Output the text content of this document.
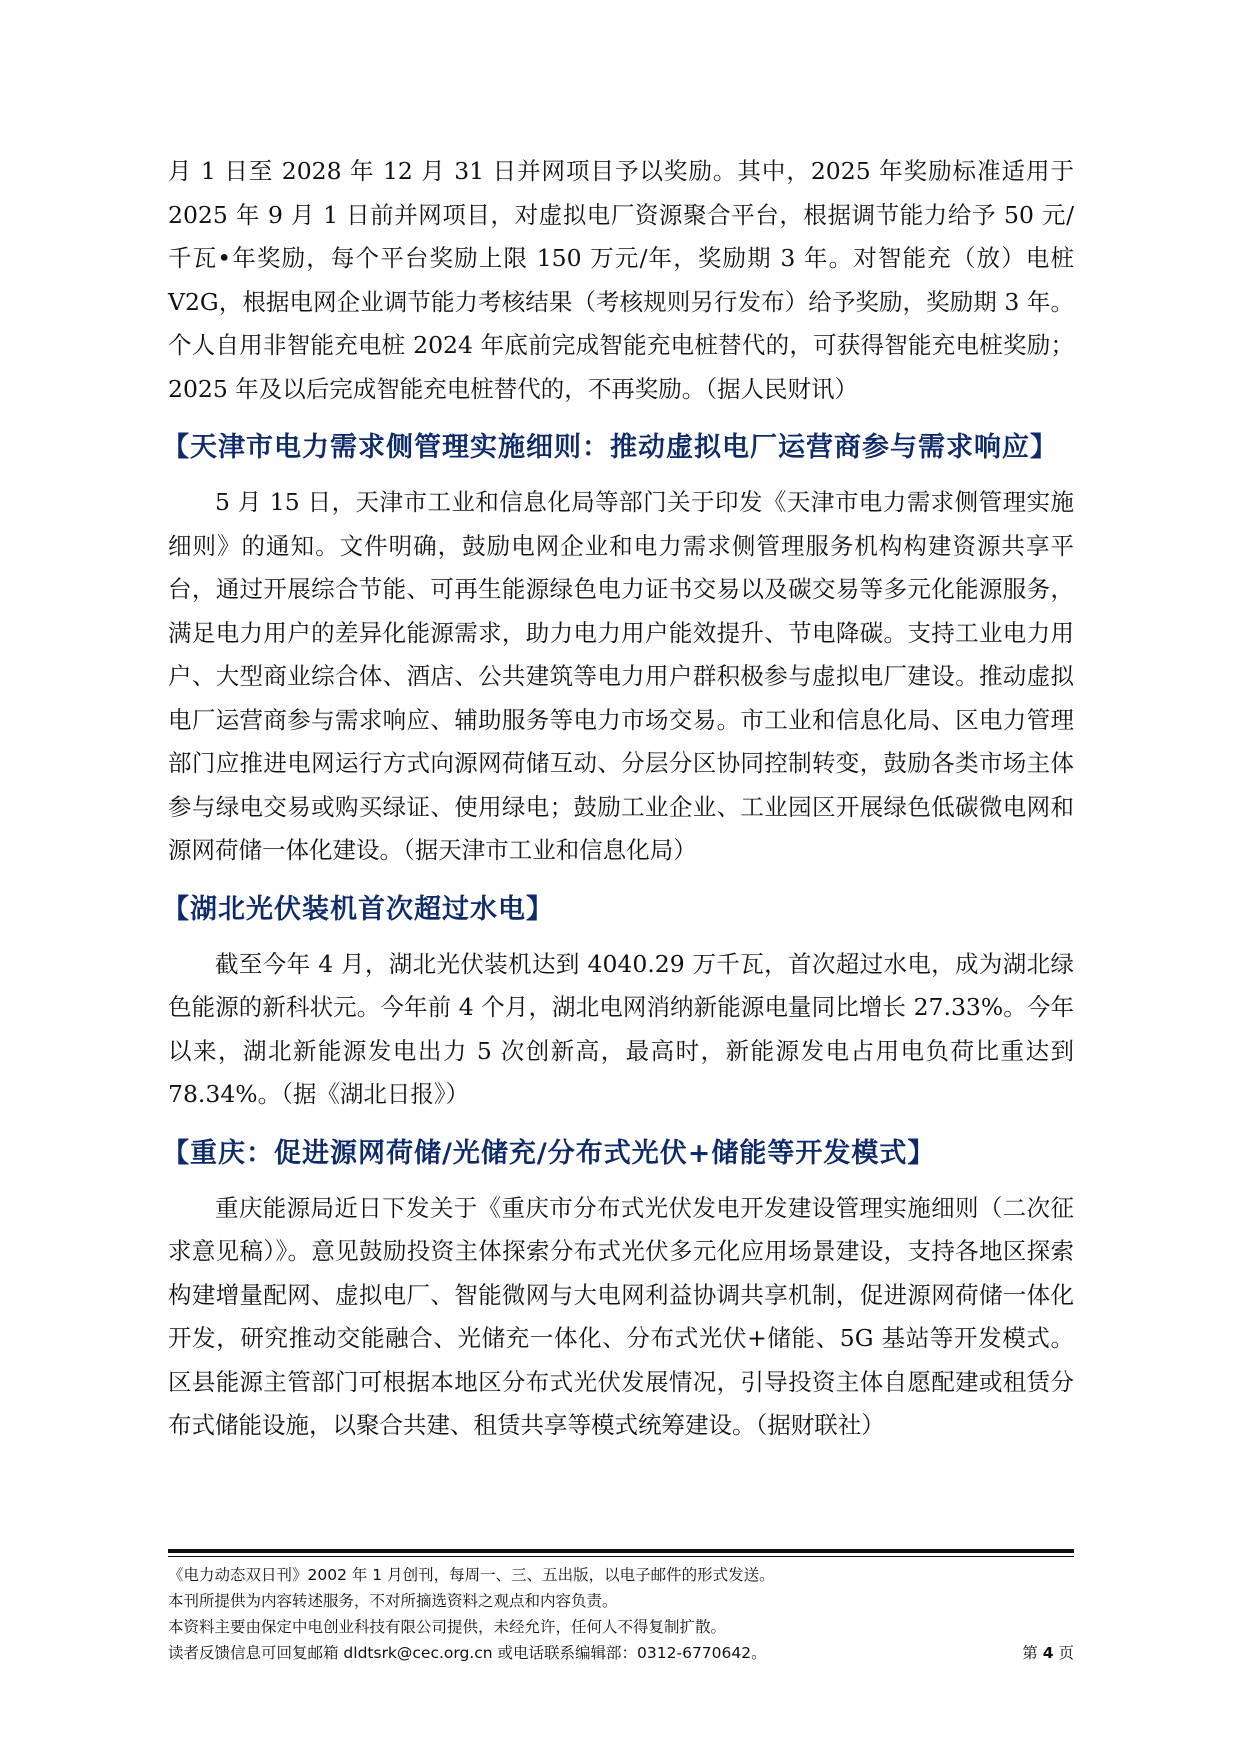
月 1 日至 2028 年 12 月 31 日并网项目予以奖励。其中，2025 年奖励标准适用于 2025 年 9 月 1 日前并网项目，对虚拟电厂资源聚合平台，根据调节能力给予 50 元/千瓦•年奖励，每个平台奖励上限 150 万元/年，奖励期 3 年。对智能充（放）电桩 V2G，根据电网企业调节能力考核结果（考核规则另行发布）给予奖励，奖励期 3 年。个人自用非智能充电桩 2024 年底前完成智能充电桩替代的，可获得智能充电桩奖励；2025 年及以后完成智能充电桩替代的，不再奖励。（据人民财讯）

【天津市电力需求侧管理实施细则：推动虚拟电厂运营商参与需求响应】

5 月 15 日，天津市工业和信息化局等部门关于印发《天津市电力需求侧管理实施细则》的通知。文件明确，鼓励电网企业和电力需求侧管理服务机构构建资源共享平台，通过开展综合节能、可再生能源绿色电力证书交易以及碳交易等多元化能源服务，满足电力用户的差异化能源需求，助力电力用户能效提升、节电降碳。支持工业电力用户、大型商业综合体、酒店、公共建筑等电力用户群积极参与虚拟电厂建设。推动虚拟电厂运营商参与需求响应、辅助服务等电力市场交易。市工业和信息化局、区电力管理部门应推进电网运行方式向源网荷储互动、分层分区协同控制转变，鼓励各类市场主体参与绿电交易或购买绿证、使用绿电；鼓励工业企业、工业园区开展绿色低碳微电网和源网荷储一体化建设。（据天津市工业和信息化局）

【湖北光伏装机首次超过水电】

截至今年 4 月，湖北光伏装机达到 4040.29 万千瓦，首次超过水电，成为湖北绿色能源的新科状元。今年前 4 个月，湖北电网消纳新能源电量同比增长 27.33%。今年以来，湖北新能源发电出力 5 次创新高，最高时，新能源发电占用电负荷比重达到 78.34%。（据《湖北日报》）

【重庆：促进源网荷储/光储充/分布式光伏+储能等开发模式】

重庆能源局近日下发关于《重庆市分布式光伏发电开发建设管理实施细则（二次征求意见稿）》。意见鼓励投资主体探索分布式光伏多元化应用场景建设，支持各地区探索构建增量配网、虚拟电厂、智能微网与大电网利益协调共享机制，促进源网荷储一体化开发，研究推动交能融合、光储充一体化、分布式光伏+储能、5G 基站等开发模式。区县能源主管部门可根据本地区分布式光伏发展情况，引导投资主体自愿配建或租赁分布式储能设施，以聚合共建、租赁共享等模式统筹建设。（据财联社）

《电力动态双日刊》2002 年 1 月创刊，每周一、三、五出版，以电子邮件的形式发送。
本刊所提供为内容转述服务，不对所摘选资料之观点和内容负责。
本资料主要由保定中电创业科技有限公司提供，未经允许，任何人不得复制扩散。
读者反馈信息可回复邮箱 dldtsrk@cec.org.cn 或电话联系编辑部：0312-6770642。	第 4 页
